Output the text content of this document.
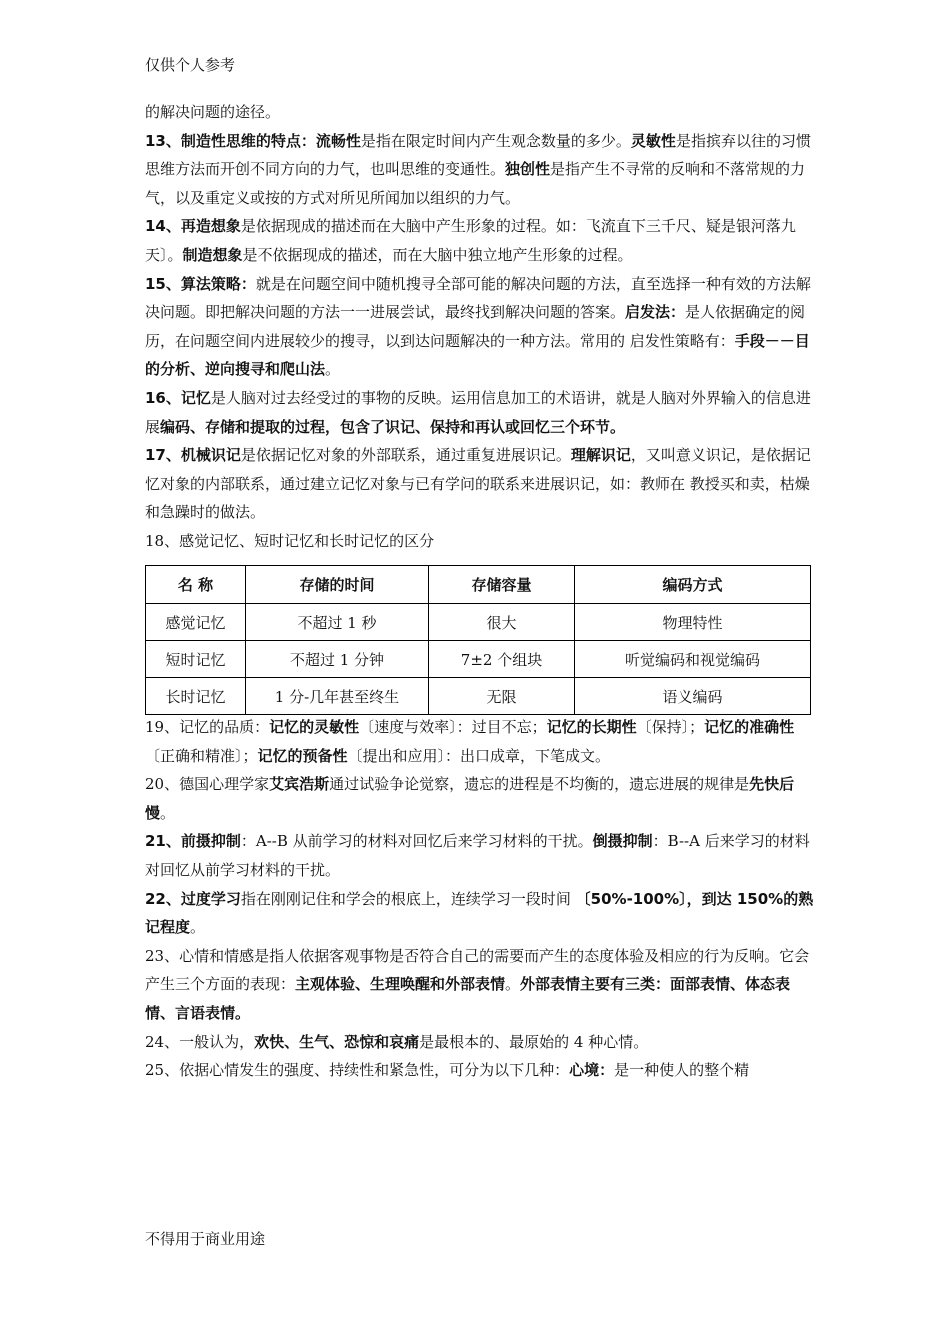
仅供个人参考

的解决问题的途径。

13、制造性思维的特点：流畅性是指在限定时间内产生观念数量的多少。灵敏性是指摈弃以往的习惯思维方法而开创不同方向的力气，也叫思维的变通性。独创性是指产生不寻常的反响和不落常规的力气，以及重定义或按的方式对所见所闻加以组织的力气。

14、再造想象是依据现成的描述而在大脑中产生形象的过程。如：飞流直下三千尺、疑是银河落九天〕。制造想象是不依据现成的描述，而在大脑中独立地产生形象的过程。

15、算法策略：就是在问题空间中随机搜寻全部可能的解决问题的方法，直至选择一种有效的方法解决问题。即把解决问题的方法一一进展尝试，最终找到解决问题的答案。启发法：是人依据确定的阅历，在问题空间内进展较少的搜寻，以到达问题解决的一种方法。常用的 启发性策略有：手段－－目的分析、逆向搜寻和爬山法。

16、记忆是人脑对过去经受过的事物的反映。运用信息加工的术语讲，就是人脑对外界输入的信息进展编码、存储和提取的过程，包含了识记、保持和再认或回忆三个环节。

17、机械识记是依据记忆对象的外部联系，通过重复进展识记。理解识记，又叫意义识记，是依据记忆对象的内部联系，通过建立记忆对象与已有学问的联系来进展识记，如：教师在 教授买和卖，枯燥和急躁时的做法。

18、感觉记忆、短时记忆和长时记忆的区分

名 称	存储的时间	存储容量	编码方式
感觉记忆	不超过 1 秒	很大	物理特性
短时记忆	不超过 1 分钟	7±2 个组块	听觉编码和视觉编码
长时记忆	1 分-几年甚至终生	无限	语义编码

19、记忆的品质：记忆的灵敏性〔速度与效率〕：过目不忘；记忆的长期性〔保持〕；记忆的准确性〔正确和精准〕；记忆的预备性〔提出和应用〕：出口成章，下笔成文。

20、德国心理学家艾宾浩斯通过试验争论觉察，遗忘的进程是不均衡的，遗忘进展的规律是先快后慢。

21、前摄抑制：A--B 从前学习的材料对回忆后来学习材料的干扰。倒摄抑制：B--A 后来学习的材料对回忆从前学习材料的干扰。

22、过度学习指在刚刚记住和学会的根底上，连续学习一段时间 〔50%-100%〕，到达 150%的熟记程度。

23、心情和情感是指人依据客观事物是否符合自己的需要而产生的态度体验及相应的行为反响。它会产生三个方面的表现：主观体验、生理唤醒和外部表情。外部表情主要有三类：面部表情、体态表情、言语表情。

24、一般认为，欢快、生气、恐惊和哀痛是最根本的、最原始的 4 种心情。

25、依据心情发生的强度、持续性和紧急性，可分为以下几种：心境：是一种使人的整个精

不得用于商业用途
